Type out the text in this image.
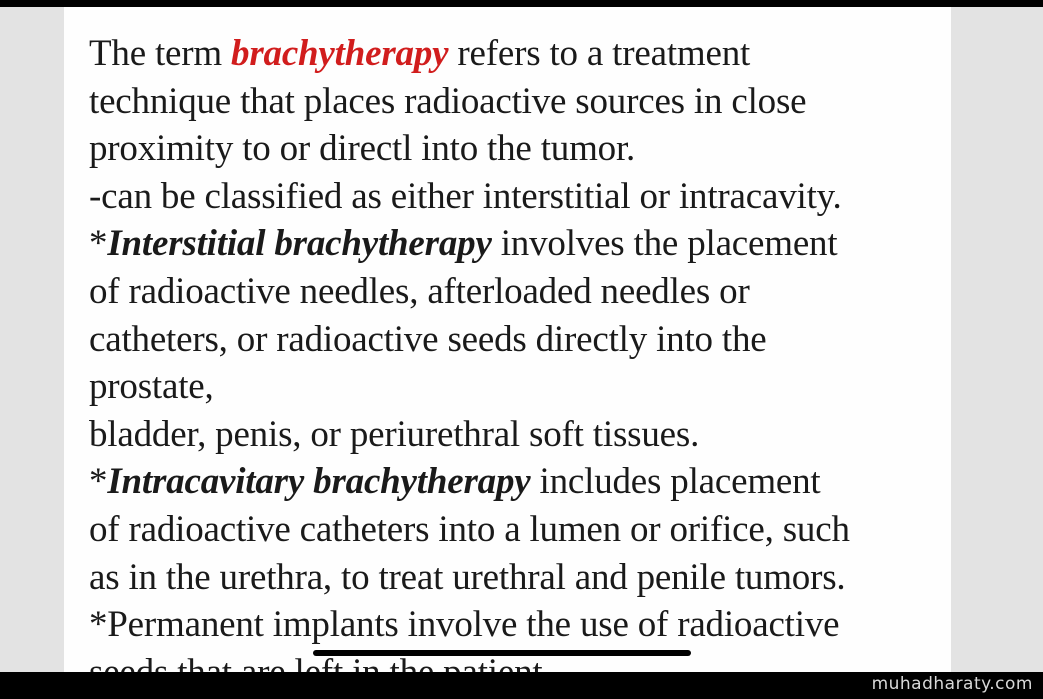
The term brachytherapy refers to a treatment
technique that places radioactive sources in close
proximity to or directl into the tumor.
-can be classified as either interstitial or intracavity.
*Interstitial brachytherapy involves the placement
of radioactive needles, afterloaded needles or
catheters, or radioactive seeds directly into the
prostate,
bladder, penis, or periurethral soft tissues.
*Intracavitary brachytherapy includes placement
of radioactive catheters into a lumen or orifice, such
as in the urethra, to treat urethral and penile tumors.
*Permanent implants involve the use of radioactive
muhadharaty.com
